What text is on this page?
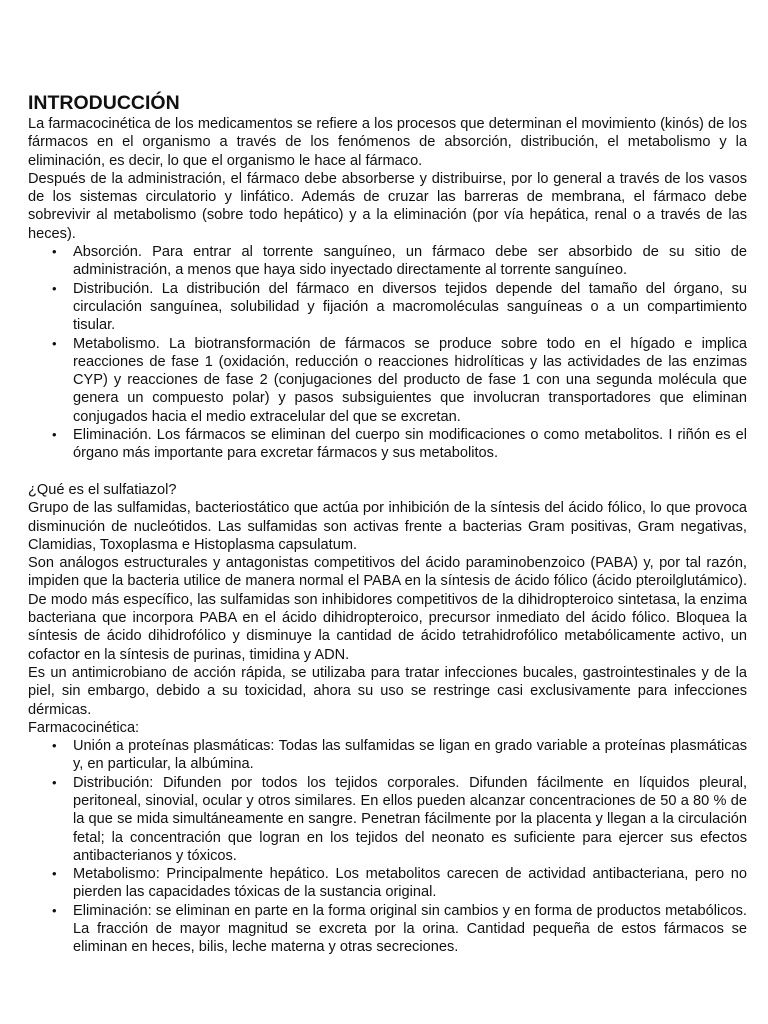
INTRODUCCIÓN

La farmacocinética de los medicamentos se refiere a los procesos que determinan el movimiento (kinós) de los fármacos en el organismo a través de los fenómenos de absorción, distribución, el metabolismo y la eliminación, es decir, lo que el organismo le hace al fármaco.

Después de la administración, el fármaco debe absorberse y distribuirse, por lo general a través de los vasos de los sistemas circulatorio y linfático. Además de cruzar las barreras de membrana, el fármaco debe sobrevivir al metabolismo (sobre todo hepático) y a la eliminación (por vía hepática, renal o a través de las heces).

•	Absorción. Para entrar al torrente sanguíneo, un fármaco debe ser absorbido de su sitio de administración, a menos que haya sido inyectado directamente al torrente sanguíneo.
•	Distribución. La distribución del fármaco en diversos tejidos depende del tamaño del órgano, su circulación sanguínea, solubilidad y fijación a macromoléculas sanguíneas o a un compartimiento tisular.
•	Metabolismo. La biotransformación de fármacos se produce sobre todo en el hígado e implica reacciones de fase 1 (oxidación, reducción o reacciones hidrolíticas y las actividades de las enzimas CYP) y reacciones de fase 2 (conjugaciones del producto de fase 1 con una segunda molécula que genera un compuesto polar) y pasos subsiguientes que involucran transportadores que eliminan conjugados hacia el medio extracelular del que se excretan.
•	Eliminación. Los fármacos se eliminan del cuerpo sin modificaciones o como metabolitos. I riñón es el órgano más importante para excretar fármacos y sus metabolitos.

¿Qué es el sulfatiazol?

Grupo de las sulfamidas, bacteriostático que actúa por inhibición de la síntesis del ácido fólico, lo que provoca disminución de nucleótidos. Las sulfamidas son activas frente a bacterias Gram positivas, Gram negativas, Clamidias, Toxoplasma e Histoplasma capsulatum.

Son análogos estructurales y antagonistas competitivos del ácido paraminobenzoico (PABA) y, por tal razón, impiden que la bacteria utilice de manera normal el PABA en la síntesis de ácido fólico (ácido pteroilglutámico). De modo más específico, las sulfamidas son inhibidores competitivos de la dihidropteroico sintetasa, la enzima bacteriana que incorpora PABA en el ácido dihidropteroico, precursor inmediato del ácido fólico. Bloquea la síntesis de ácido dihidrofólico y disminuye la cantidad de ácido tetrahidrofólico metabólicamente activo, un cofactor en la síntesis de purinas, timidina y ADN.

Es un antimicrobiano de acción rápida, se utilizaba para tratar infecciones bucales, gastrointestinales y de la piel, sin embargo, debido a su toxicidad, ahora su uso se restringe casi exclusivamente para infecciones dérmicas.

Farmacocinética:

•	Unión a proteínas plasmáticas: Todas las sulfamidas se ligan en grado variable a proteínas plasmáticas y, en particular, la albúmina.
•	Distribución: Difunden por todos los tejidos corporales. Difunden fácilmente en líquidos pleural, peritoneal, sinovial, ocular y otros similares. En ellos pueden alcanzar concentraciones de 50 a 80 % de la que se mida simultáneamente en sangre. Penetran fácilmente por la placenta y llegan a la circulación fetal; la concentración que logran en los tejidos del neonato es suficiente para ejercer sus efectos antibacterianos y tóxicos.
•	Metabolismo: Principalmente hepático. Los metabolitos carecen de actividad antibacteriana, pero no pierden las capacidades tóxicas de la sustancia original.
•	Eliminación: se eliminan en parte en la forma original sin cambios y en forma de productos metabólicos. La fracción de mayor magnitud se excreta por la orina. Cantidad pequeña de estos fármacos se eliminan en heces, bilis, leche materna y otras secreciones.
